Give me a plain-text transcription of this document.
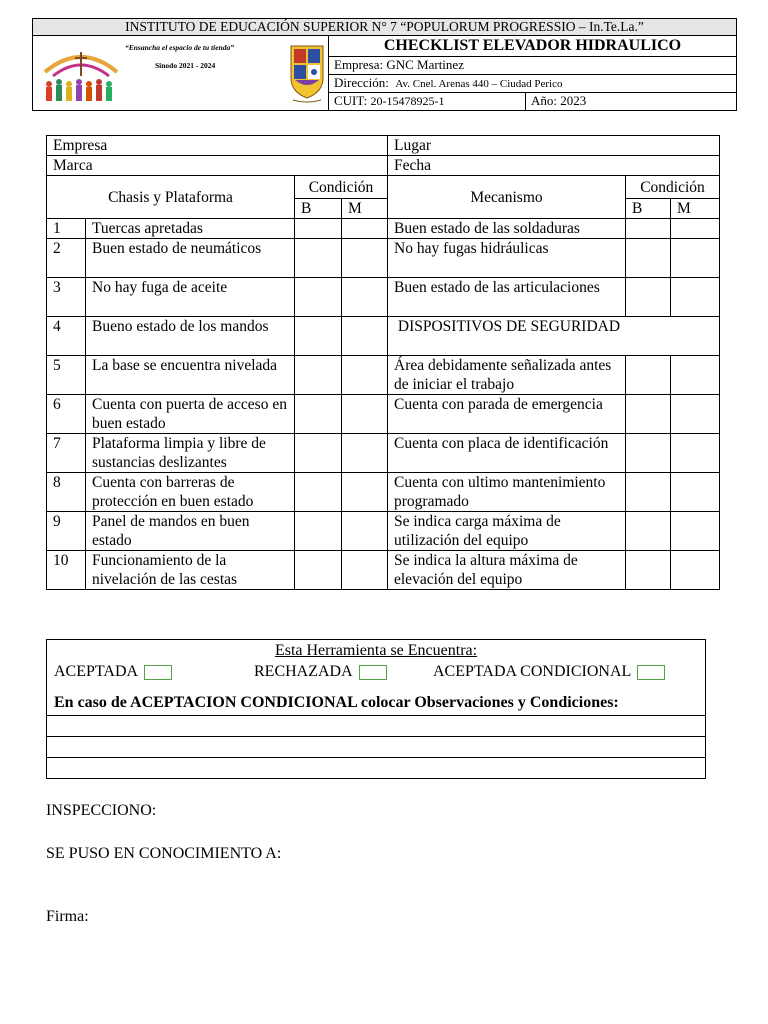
INSTITUTO DE EDUCACIÓN SUPERIOR N° 7 “POPULORUM PROGRESSIO – In.Te.La.”		

“Ensancha el espacio de tu tienda”
Sinodo 2021 - 2024	CHECKLIST ELEVADOR HIDRAULICO	
	Empresa: GNC Martinez	
	Dirección: Av. Cnel. Arenas 440 – Ciudad Perico	
	CUIT: 20-15478925-1	Año: 2023
Empresa				Lugar		
Marca				Fecha		
Chasis y Plataforma		Condición		Mecanismo	Condición	
		B	M		B	M
1	Tuercas apretadas			Buen estado de las soldaduras		
2	Buen estado de neumáticos			No hay fugas hidráulicas		
3	No hay fuga de aceite			Buen estado de las articulaciones		
4	Bueno estado de los mandos			DISPOSITIVOS DE SEGURIDAD		
5	La base se encuentra nivelada			Área debidamente señalizada antes de iniciar el trabajo		
6	Cuenta con puerta de acceso en buen estado			Cuenta con parada de emergencia		
7	Plataforma limpia y libre de sustancias deslizantes			Cuenta con placa de identificación		
8	Cuenta con barreras de protección en buen estado			Cuenta con ultimo mantenimiento programado		
9	Panel de mandos en buen estado			Se indica carga máxima de utilización del equipo		
10	Funcionamiento de la nivelación de las cestas			Se indica la altura máxima de elevación del equipo		
Esta Herramienta se Encuentra:
ACEPTADA	RECHAZADA	ACEPTADA CONDICIONAL
En caso de ACEPTACION CONDICIONAL colocar Observaciones y Condiciones:
INSPECCIONO:
SE PUSO EN CONOCIMIENTO A:
Firma:
